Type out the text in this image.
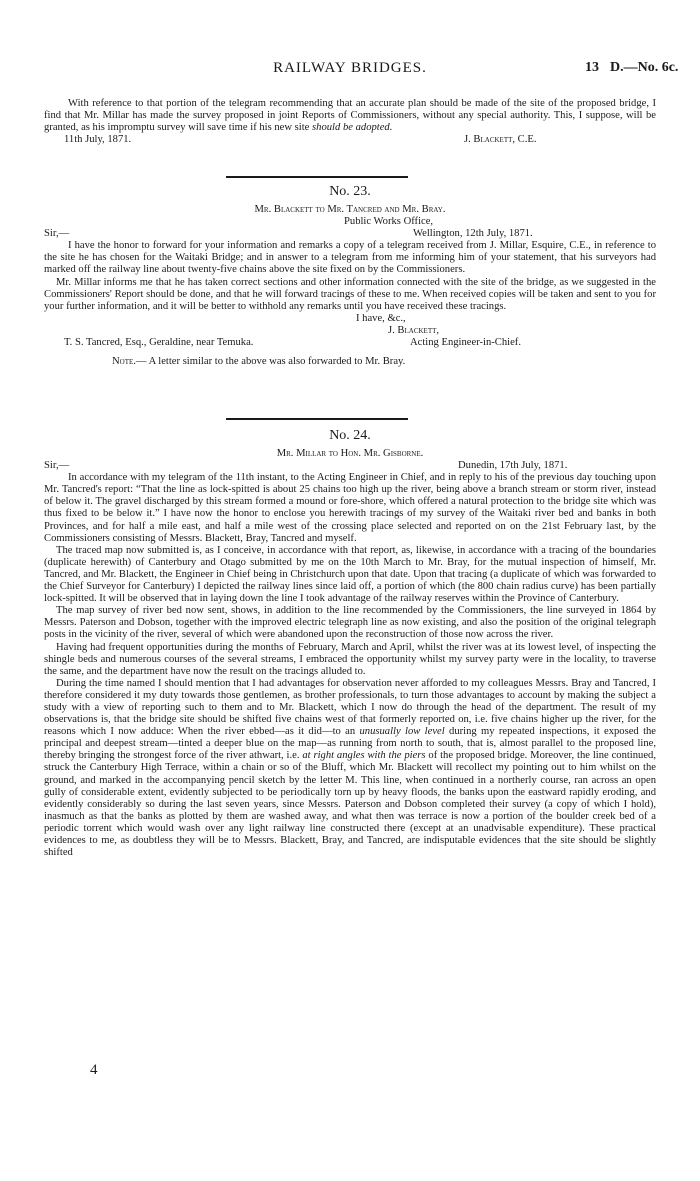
RAILWAY BRIDGES.	13 D.—No. 6c.

With reference to that portion of the telegram recommending that an accurate plan should be made of the site of the proposed bridge, I find that Mr. Millar has made the survey proposed in joint Reports of Commissioners, without any special authority. This, I suppose, will be granted, as his impromptu survey will save time if his new site should be adopted.

11th July, 1871.	J. Blackett, C.E.
No. 23.
Mr. Blackett to Mr. Tancred and Mr. Bray.
Public Works Office,
Sir,—	Wellington, 12th July, 1871.

I have the honor to forward for your information and remarks a copy of a telegram received from J. Millar, Esquire, C.E., in reference to the site he has chosen for the Waitaki Bridge; and in answer to a telegram from me informing him of your statement, that his surveyors had marked off the railway line about twenty-five chains above the site fixed on by the Commissioners.

Mr. Millar informs me that he has taken correct sections and other information connected with the site of the bridge, as we suggested in the Commissioners' Report should be done, and that he will forward tracings of these to me. When received copies will be taken and sent to you for your further information, and it will be better to withhold any remarks until you have received these tracings.

I have, &c.,
J. Blackett,
T. S. Tancred, Esq., Geraldine, near Temuka.	Acting Engineer-in-Chief.
Note.— A letter similar to the above was also forwarded to Mr. Bray.
No. 24.
Mr. Millar to Hon. Mr. Gisborne.
Sir,—	Dunedin, 17th July, 1871.

In accordance with my telegram of the 11th instant, to the Acting Engineer in Chief, and in reply to his of the previous day touching upon Mr. Tancred's report: “That the line as lock-spitted is about 25 chains too high up the river, being above a branch stream or storm river, instead of below it. The gravel discharged by this stream formed a mound or fore-shore, which offered a natural protection to the bridge site which was thus fixed to be below it.” I have now the honor to enclose you herewith tracings of my survey of the Waitaki river bed and banks in both Provinces, and for half a mile east, and half a mile west of the crossing place selected and reported on on the 21st February last, by the Commissioners consisting of Messrs. Blackett, Bray, Tancred and myself.

The traced map now submitted is, as I conceive, in accordance with that report, as, likewise, in accordance with a tracing of the boundaries (duplicate herewith) of Canterbury and Otago submitted by me on the 10th March to Mr. Bray, for the mutual inspection of himself, Mr. Tancred, and Mr. Blackett, the Engineer in Chief being in Christchurch upon that date. Upon that tracing (a duplicate of which was forwarded to the Chief Surveyor for Canterbury) I depicted the railway lines since laid off, a portion of which (the 800 chain radius curve) has been partially lock-spitted. It will be observed that in laying down the line I took advantage of the railway reserves within the Province of Canterbury.

The map survey of river bed now sent, shows, in addition to the line recommended by the Commissioners, the line surveyed in 1864 by Messrs. Paterson and Dobson, together with the improved electric telegraph line as now existing, and also the position of the original telegraph posts in the vicinity of the river, several of which were abandoned upon the reconstruction of those now across the river.

Having had frequent opportunities during the months of February, March and April, whilst the river was at its lowest level, of inspecting the shingle beds and numerous courses of the several streams, I embraced the opportunity whilst my survey party were in the locality, to traverse the same, and the department have now the result on the tracings alluded to.

During the time named I should mention that I had advantages for observation never afforded to my colleagues Messrs. Bray and Tancred, I therefore considered it my duty towards those gentlemen, as brother professionals, to turn those advantages to account by making the subject a study with a view of reporting such to them and to Mr. Blackett, which I now do through the head of the department. The result of my observations is, that the bridge site should be shifted five chains west of that formerly reported on, i.e. five chains higher up the river, for the reasons which I now adduce: When the river ebbed—as it did—to an unusually low level during my repeated inspections, it exposed the principal and deepest stream—tinted a deeper blue on the map—as running from north to south, that is, almost parallel to the proposed line, thereby bringing the strongest force of the river athwart, i.e. at right angles with the piers of the proposed bridge. Moreover, the line continued, struck the Canterbury High Terrace, within a chain or so of the Bluff, which Mr. Blackett will recollect my pointing out to him whilst on the ground, and marked in the accompanying pencil sketch by the letter M. This line, when continued in a northerly course, ran across an open gully of considerable extent, evidently subjected to be periodically torn up by heavy floods, the banks upon the eastward rapidly eroding, and evidently considerably so during the last seven years, since Messrs. Paterson and Dobson completed their survey (a copy of which I hold), inasmuch as that the banks as plotted by them are washed away, and what then was terrace is now a portion of the boulder creek bed of a periodic torrent which would wash over any light railway line constructed there (except at an unadvisable expenditure). These practical evidences to me, as doubtless they will be to Messrs. Blackett, Bray, and Tancred, are indisputable evidences that the site should be slightly shifted

4
